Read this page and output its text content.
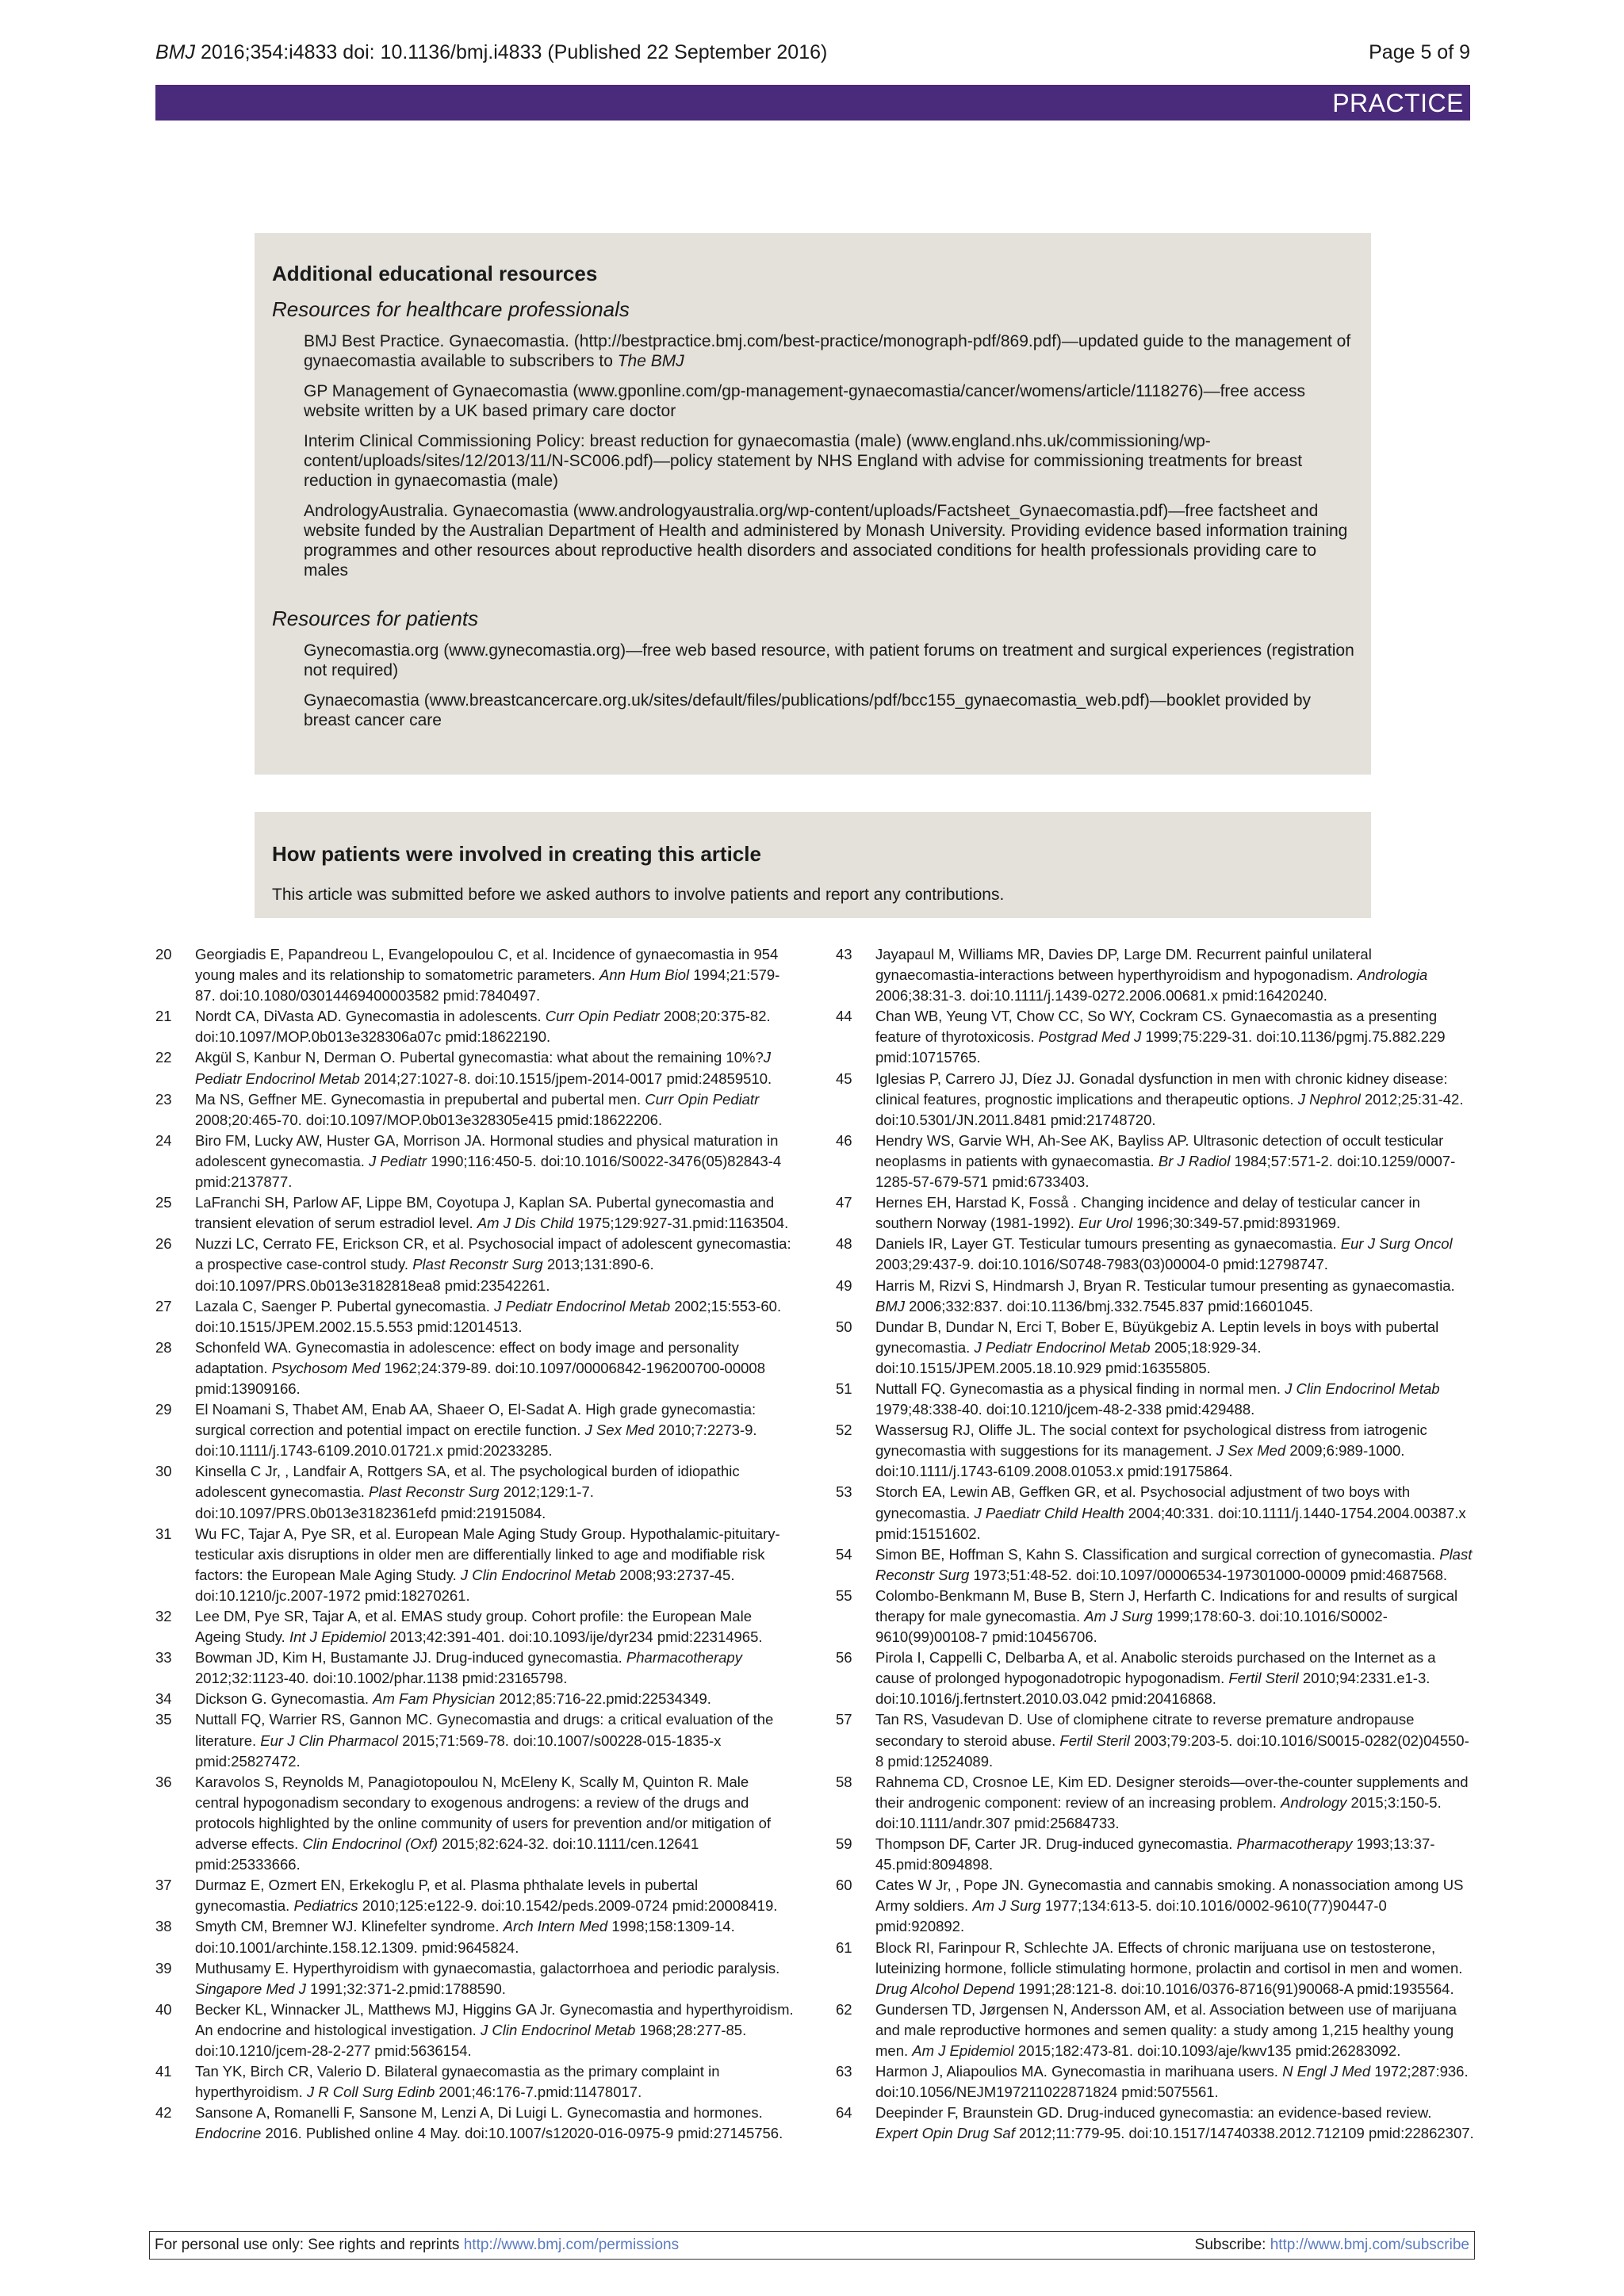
BMJ 2016;354:i4833 doi: 10.1136/bmj.i4833 (Published 22 September 2016)	Page 5 of 9
PRACTICE
Additional educational resources
Resources for healthcare professionals
BMJ Best Practice. Gynaecomastia. (http://bestpractice.bmj.com/best-practice/monograph-pdf/869.pdf)—updated guide to the management of gynaecomastia available to subscribers to The BMJ
GP Management of Gynaecomastia (www.gponline.com/gp-management-gynaecomastia/cancer/womens/article/1118276)—free access website written by a UK based primary care doctor
Interim Clinical Commissioning Policy: breast reduction for gynaecomastia (male) (www.england.nhs.uk/commissioning/wp-content/uploads/sites/12/2013/11/N-SC006.pdf)—policy statement by NHS England with advise for commissioning treatments for breast reduction in gynaecomastia (male)
AndrologyAustralia. Gynaecomastia (www.andrologyaustralia.org/wp-content/uploads/Factsheet_Gynaecomastia.pdf)—free factsheet and website funded by the Australian Department of Health and administered by Monash University. Providing evidence based information training programmes and other resources about reproductive health disorders and associated conditions for health professionals providing care to males
Resources for patients
Gynecomastia.org (www.gynecomastia.org)—free web based resource, with patient forums on treatment and surgical experiences (registration not required)
Gynaecomastia (www.breastcancercare.org.uk/sites/default/files/publications/pdf/bcc155_gynaecomastia_web.pdf)—booklet provided by breast cancer care
How patients were involved in creating this article
This article was submitted before we asked authors to involve patients and report any contributions.
20	Georgiadis E, Papandreou L, Evangelopoulou C, et al. Incidence of gynaecomastia in 954 young males and its relationship to somatometric parameters. Ann Hum Biol 1994;21:579-87. doi:10.1080/03014469400003582 pmid:7840497.
21	Nordt CA, DiVasta AD. Gynecomastia in adolescents. Curr Opin Pediatr 2008;20:375-82. doi:10.1097/MOP.0b013e328306a07c pmid:18622190.
22	Akgül S, Kanbur N, Derman O. Pubertal gynecomastia: what about the remaining 10%?J Pediatr Endocrinol Metab 2014;27:1027-8. doi:10.1515/jpem-2014-0017 pmid:24859510.
23	Ma NS, Geffner ME. Gynecomastia in prepubertal and pubertal men. Curr Opin Pediatr 2008;20:465-70. doi:10.1097/MOP.0b013e328305e415 pmid:18622206.
24	Biro FM, Lucky AW, Huster GA, Morrison JA. Hormonal studies and physical maturation in adolescent gynecomastia. J Pediatr 1990;116:450-5. doi:10.1016/S0022-3476(05)82843-4 pmid:2137877.
25	LaFranchi SH, Parlow AF, Lippe BM, Coyotupa J, Kaplan SA. Pubertal gynecomastia and transient elevation of serum estradiol level. Am J Dis Child 1975;129:927-31.pmid:1163504.
26	Nuzzi LC, Cerrato FE, Erickson CR, et al. Psychosocial impact of adolescent gynecomastia: a prospective case-control study. Plast Reconstr Surg 2013;131:890-6. doi:10.1097/PRS.0b013e3182818ea8 pmid:23542261.
27	Lazala C, Saenger P. Pubertal gynecomastia. J Pediatr Endocrinol Metab 2002;15:553-60. doi:10.1515/JPEM.2002.15.5.553 pmid:12014513.
28	Schonfeld WA. Gynecomastia in adolescence: effect on body image and personality adaptation. Psychosom Med 1962;24:379-89. doi:10.1097/00006842-196200700-00008 pmid:13909166.
29	El Noamani S, Thabet AM, Enab AA, Shaeer O, El-Sadat A. High grade gynecomastia: surgical correction and potential impact on erectile function. J Sex Med 2010;7:2273-9. doi:10.1111/j.1743-6109.2010.01721.x pmid:20233285.
30	Kinsella C Jr, , Landfair A, Rottgers SA, et al. The psychological burden of idiopathic adolescent gynecomastia. Plast Reconstr Surg 2012;129:1-7. doi:10.1097/PRS.0b013e3182361efd pmid:21915084.
31	Wu FC, Tajar A, Pye SR, et al. European Male Aging Study Group. Hypothalamic-pituitary-testicular axis disruptions in older men are differentially linked to age and modifiable risk factors: the European Male Aging Study. J Clin Endocrinol Metab 2008;93:2737-45. doi:10.1210/jc.2007-1972 pmid:18270261.
32	Lee DM, Pye SR, Tajar A, et al. EMAS study group. Cohort profile: the European Male Ageing Study. Int J Epidemiol 2013;42:391-401. doi:10.1093/ije/dyr234 pmid:22314965.
33	Bowman JD, Kim H, Bustamante JJ. Drug-induced gynecomastia. Pharmacotherapy 2012;32:1123-40. doi:10.1002/phar.1138 pmid:23165798.
34	Dickson G. Gynecomastia. Am Fam Physician 2012;85:716-22.pmid:22534349.
35	Nuttall FQ, Warrier RS, Gannon MC. Gynecomastia and drugs: a critical evaluation of the literature. Eur J Clin Pharmacol 2015;71:569-78. doi:10.1007/s00228-015-1835-x pmid:25827472.
36	Karavolos S, Reynolds M, Panagiotopoulou N, McEleny K, Scally M, Quinton R. Male central hypogonadism secondary to exogenous androgens: a review of the drugs and protocols highlighted by the online community of users for prevention and/or mitigation of adverse effects. Clin Endocrinol (Oxf) 2015;82:624-32. doi:10.1111/cen.12641 pmid:25333666.
37	Durmaz E, Ozmert EN, Erkekoglu P, et al. Plasma phthalate levels in pubertal gynecomastia. Pediatrics 2010;125:e122-9. doi:10.1542/peds.2009-0724 pmid:20008419.
38	Smyth CM, Bremner WJ. Klinefelter syndrome. Arch Intern Med 1998;158:1309-14. doi:10.1001/archinte.158.12.1309. pmid:9645824.
39	Muthusamy E. Hyperthyroidism with gynaecomastia, galactorrhoea and periodic paralysis. Singapore Med J 1991;32:371-2.pmid:1788590.
40	Becker KL, Winnacker JL, Matthews MJ, Higgins GA Jr. Gynecomastia and hyperthyroidism. An endocrine and histological investigation. J Clin Endocrinol Metab 1968;28:277-85. doi:10.1210/jcem-28-2-277 pmid:5636154.
41	Tan YK, Birch CR, Valerio D. Bilateral gynaecomastia as the primary complaint in hyperthyroidism. J R Coll Surg Edinb 2001;46:176-7.pmid:11478017.
42	Sansone A, Romanelli F, Sansone M, Lenzi A, Di Luigi L. Gynecomastia and hormones. Endocrine 2016. Published online 4 May. doi:10.1007/s12020-016-0975-9 pmid:27145756.
43	Jayapaul M, Williams MR, Davies DP, Large DM. Recurrent painful unilateral gynaecomastia-interactions between hyperthyroidism and hypogonadism. Andrologia 2006;38:31-3. doi:10.1111/j.1439-0272.2006.00681.x pmid:16420240.
44	Chan WB, Yeung VT, Chow CC, So WY, Cockram CS. Gynaecomastia as a presenting feature of thyrotoxicosis. Postgrad Med J 1999;75:229-31. doi:10.1136/pgmj.75.882.229 pmid:10715765.
45	Iglesias P, Carrero JJ, Díez JJ. Gonadal dysfunction in men with chronic kidney disease: clinical features, prognostic implications and therapeutic options. J Nephrol 2012;25:31-42. doi:10.5301/JN.2011.8481 pmid:21748720.
46	Hendry WS, Garvie WH, Ah-See AK, Bayliss AP. Ultrasonic detection of occult testicular neoplasms in patients with gynaecomastia. Br J Radiol 1984;57:571-2. doi:10.1259/0007-1285-57-679-571 pmid:6733403.
47	Hernes EH, Harstad K, Fosså . Changing incidence and delay of testicular cancer in southern Norway (1981-1992). Eur Urol 1996;30:349-57.pmid:8931969.
48	Daniels IR, Layer GT. Testicular tumours presenting as gynaecomastia. Eur J Surg Oncol 2003;29:437-9. doi:10.1016/S0748-7983(03)00004-0 pmid:12798747.
49	Harris M, Rizvi S, Hindmarsh J, Bryan R. Testicular tumour presenting as gynaecomastia. BMJ 2006;332:837. doi:10.1136/bmj.332.7545.837 pmid:16601045.
50	Dundar B, Dundar N, Erci T, Bober E, Büyükgebiz A. Leptin levels in boys with pubertal gynecomastia. J Pediatr Endocrinol Metab 2005;18:929-34. doi:10.1515/JPEM.2005.18.10.929 pmid:16355805.
51	Nuttall FQ. Gynecomastia as a physical finding in normal men. J Clin Endocrinol Metab 1979;48:338-40. doi:10.1210/jcem-48-2-338 pmid:429488.
52	Wassersug RJ, Oliffe JL. The social context for psychological distress from iatrogenic gynecomastia with suggestions for its management. J Sex Med 2009;6:989-1000. doi:10.1111/j.1743-6109.2008.01053.x pmid:19175864.
53	Storch EA, Lewin AB, Geffken GR, et al. Psychosocial adjustment of two boys with gynecomastia. J Paediatr Child Health 2004;40:331. doi:10.1111/j.1440-1754.2004.00387.x pmid:15151602.
54	Simon BE, Hoffman S, Kahn S. Classification and surgical correction of gynecomastia. Plast Reconstr Surg 1973;51:48-52. doi:10.1097/00006534-197301000-00009 pmid:4687568.
55	Colombo-Benkmann M, Buse B, Stern J, Herfarth C. Indications for and results of surgical therapy for male gynecomastia. Am J Surg 1999;178:60-3. doi:10.1016/S0002-9610(99)00108-7 pmid:10456706.
56	Pirola I, Cappelli C, Delbarba A, et al. Anabolic steroids purchased on the Internet as a cause of prolonged hypogonadotropic hypogonadism. Fertil Steril 2010;94:2331.e1-3. doi:10.1016/j.fertnstert.2010.03.042 pmid:20416868.
57	Tan RS, Vasudevan D. Use of clomiphene citrate to reverse premature andropause secondary to steroid abuse. Fertil Steril 2003;79:203-5. doi:10.1016/S0015-0282(02)04550-8 pmid:12524089.
58	Rahnema CD, Crosnoe LE, Kim ED. Designer steroids—over-the-counter supplements and their androgenic component: review of an increasing problem. Andrology 2015;3:150-5. doi:10.1111/andr.307 pmid:25684733.
59	Thompson DF, Carter JR. Drug-induced gynecomastia. Pharmacotherapy 1993;13:37-45.pmid:8094898.
60	Cates W Jr, , Pope JN. Gynecomastia and cannabis smoking. A nonassociation among US Army soldiers. Am J Surg 1977;134:613-5. doi:10.1016/0002-9610(77)90447-0 pmid:920892.
61	Block RI, Farinpour R, Schlechte JA. Effects of chronic marijuana use on testosterone, luteinizing hormone, follicle stimulating hormone, prolactin and cortisol in men and women. Drug Alcohol Depend 1991;28:121-8. doi:10.1016/0376-8716(91)90068-A pmid:1935564.
62	Gundersen TD, Jørgensen N, Andersson AM, et al. Association between use of marijuana and male reproductive hormones and semen quality: a study among 1,215 healthy young men. Am J Epidemiol 2015;182:473-81. doi:10.1093/aje/kwv135 pmid:26283092.
63	Harmon J, Aliapoulios MA. Gynecomastia in marihuana users. N Engl J Med 1972;287:936. doi:10.1056/NEJM197211022871824 pmid:5075561.
64	Deepinder F, Braunstein GD. Drug-induced gynecomastia: an evidence-based review. Expert Opin Drug Saf 2012;11:779-95. doi:10.1517/14740338.2012.712109 pmid:22862307.
For personal use only: See rights and reprints http://www.bmj.com/permissions	Subscribe: http://www.bmj.com/subscribe
